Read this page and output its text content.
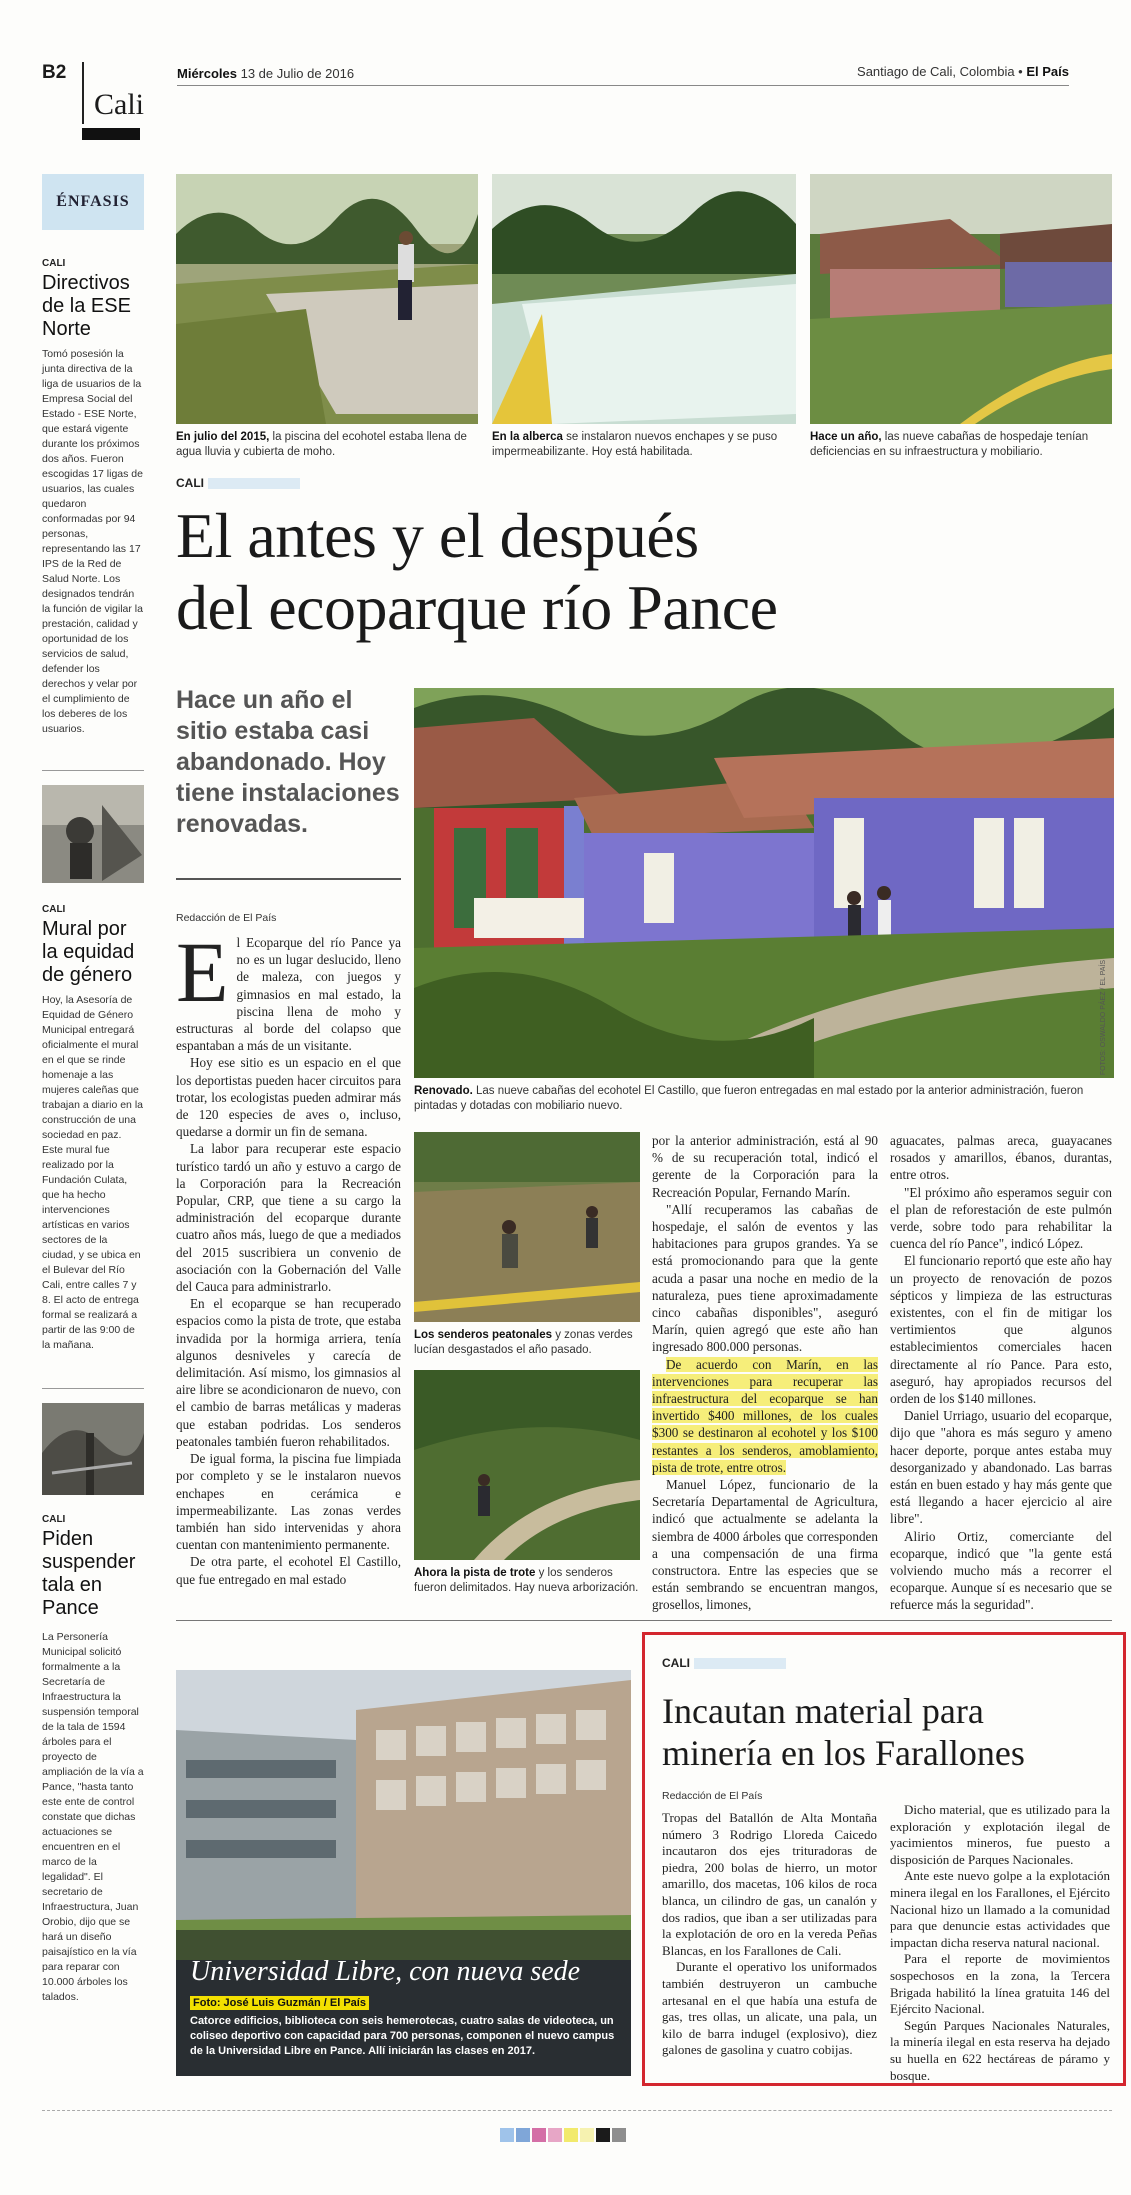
B2
Cali
Miércoles 13 de Julio de 2016	Santiago de Cali, Colombia • El País
ÉNFASIS
CALI
Directivos de la ESE Norte
Tomó posesión la junta directiva de la liga de usuarios de la Empresa Social del Estado - ESE Norte, que estará vigente durante los próximos dos años. Fueron escogidas 17 ligas de usuarios, las cuales quedaron conformadas por 94 personas, representando las 17 IPS de la Red de Salud Norte. Los designados tendrán la función de vigilar la prestación, calidad y oportunidad de los servicios de salud, defender los derechos y velar por el cumplimiento de los deberes de los usuarios.
CALI
Mural por la equidad de género
Hoy, la Asesoría de Equidad de Género Municipal entregará oficialmente el mural en el que se rinde homenaje a las mujeres caleñas que trabajan a diario en la construcción de una sociedad en paz. Este mural fue realizado por la Fundación Culata, que ha hecho intervenciones artísticas en varios sectores de la ciudad, y se ubica en el Bulevar del Río Cali, entre calles 7 y 8. El acto de entrega formal se realizará a partir de las 9:00 de la mañana.
CALI
Piden suspender tala en Pance
La Personería Municipal solicitó formalmente a la Secretaría de Infraestructura la suspensión temporal de la tala de 1594 árboles para el proyecto de ampliación de la vía a Pance, "hasta tanto este ente de control constate que dichas actuaciones se encuentren en el marco de la legalidad". El secretario de Infraestructura, Juan Orobio, dijo que se hará un diseño paisajístico en la vía para reparar con 10.000 árboles los talados.
En julio del 2015, la piscina del ecohotel estaba llena de agua lluvia y cubierta de moho.
En la alberca se instalaron nuevos enchapes y se puso impermeabilizante. Hoy está habilitada.
Hace un año, las nueve cabañas de hospedaje tenían deficiencias en su infraestructura y mobiliario.
CALI
El antes y el después
del ecoparque río Pance
Hace un año el sitio estaba casi abandonado. Hoy tiene instalaciones renovadas.
FOTOS: OSWALDO PÁEZ / EL PAÍS
Renovado. Las nueve cabañas del ecohotel El Castillo, que fueron entregadas en mal estado por la anterior administración, fueron pintadas y dotadas con mobiliario nuevo.
Redacción de El País
E l Ecoparque del río Pance ya no es un lugar deslucido, lleno de maleza, con juegos y gimnasios en mal estado, la piscina llena de moho y estructuras al borde del colapso que espantaban a más de un visitante.

Hoy ese sitio es un espacio en el que los deportistas pueden hacer circuitos para trotar, los ecologistas pueden admirar más de 120 especies de aves o, incluso, quedarse a dormir un fin de semana.

La labor para recuperar este espacio turístico tardó un año y estuvo a cargo de la Corporación para la Recreación Popular, CRP, que tiene a su cargo la administración del ecoparque durante cuatro años más, luego de que a mediados del 2015 suscribiera un convenio de asociación con la Gobernación del Valle del Cauca para administrarlo.

En el ecoparque se han recuperado espacios como la pista de trote, que estaba invadida por la hormiga arriera, tenía algunos desniveles y carecía de delimitación. Así mismo, los gimnasios al aire libre se acondicionaron de nuevo, con el cambio de barras metálicas y maderas que estaban podridas. Los senderos peatonales también fueron rehabilitados.

De igual forma, la piscina fue limpiada por completo y se le instalaron nuevos enchapes en cerámica e impermeabilizante. Las zonas verdes también han sido intervenidas y ahora cuentan con mantenimiento permanente.

De otra parte, el ecohotel El Castillo, que fue entregado en mal estado

Los senderos peatonales y zonas verdes lucían desgastados el año pasado.
Ahora la pista de trote y los senderos fueron delimitados. Hay nueva arborización.

por la anterior administración, está al 90 % de su recuperación total, indicó el gerente de la Corporación para la Recreación Popular, Fernando Marín.

"Allí recuperamos las cabañas de hospedaje, el salón de eventos y las habitaciones para grupos grandes. Ya se está promocionando para que la gente acuda a pasar una noche en medio de la naturaleza, pues tiene aproximadamente cinco cabañas disponibles", aseguró Marín, quien agregó que este año han ingresado 800.000 personas.

De acuerdo con Marín, en las intervenciones para recuperar las infraestructura del ecoparque se han invertido $400 millones, de los cuales $300 se destinaron al ecohotel y los $100 restantes a los senderos, amoblamiento, pista de trote, entre otros.

Manuel López, funcionario de la Secretaría Departamental de Agricultura, indicó que actualmente se adelanta la siembra de 4000 árboles que corresponden a una compensación de una firma constructora. Entre las especies que se están sembrando se encuentran mangos, grosellos, limones,

aguacates, palmas areca, guayacanes rosados y amarillos, ébanos, durantas, entre otros.

"El próximo año esperamos seguir con el plan de reforestación de este pulmón verde, sobre todo para rehabilitar la cuenca del río Pance", indicó López.

El funcionario reportó que este año hay un proyecto de renovación de pozos sépticos y limpieza de las estructuras existentes, con el fin de mitigar los vertimientos que algunos establecimientos comerciales hacen directamente al río Pance. Para esto, aseguró, hay apropiados recursos del orden de los $140 millones.

Daniel Urriago, usuario del ecoparque, dijo que "ahora es más seguro y ameno hacer deporte, porque antes estaba muy desorganizado y abandonado. Las barras están en buen estado y hay más gente que está llegando a hacer ejercicio al aire libre".

Alirio Ortiz, comerciante del ecoparque, indicó que "la gente está volviendo mucho más a recorrer el ecoparque. Aunque sí es necesario que se refuerce más la seguridad".

Universidad Libre, con nueva sede
Foto: José Luis Guzmán / El País
Catorce edificios, biblioteca con seis hemerotecas, cuatro salas de videoteca, un coliseo deportivo con capacidad para 700 personas, componen el nuevo campus de la Universidad Libre en Pance. Allí iniciarán las clases en 2017.
CALI
Incautan material para
minería en los Farallones
Redacción de El País

Tropas del Batallón de Alta Montaña número 3 Rodrigo Lloreda Caicedo incautaron dos ejes trituradoras de piedra, 200 bolas de hierro, un motor amarillo, dos macetas, 106 kilos de roca blanca, un cilindro de gas, un canalón y dos radios, que iban a ser utilizadas para la explotación de oro en la vereda Peñas Blancas, en los Farallones de Cali.

Durante el operativo los uniformados también destruyeron un cambuche artesanal en el que había una estufa de gas, tres ollas, un alicate, una pala, un kilo de barra indugel (explosivo), diez galones de gasolina y cuatro cobijas.

Dicho material, que es utilizado para la exploración y explotación ilegal de yacimientos mineros, fue puesto a disposición de Parques Nacionales.

Ante este nuevo golpe a la explotación minera ilegal en los Farallones, el Ejército Nacional hizo un llamado a la comunidad para que denuncie estas actividades que impactan dicha reserva natural nacional.

Para el reporte de movimientos sospechosos en la zona, la Tercera Brigada habilitó la línea gratuita 146 del Ejército Nacional.

Según Parques Nacionales Naturales, la minería ilegal en esta reserva ha dejado su huella en 622 hectáreas de páramo y bosque.
